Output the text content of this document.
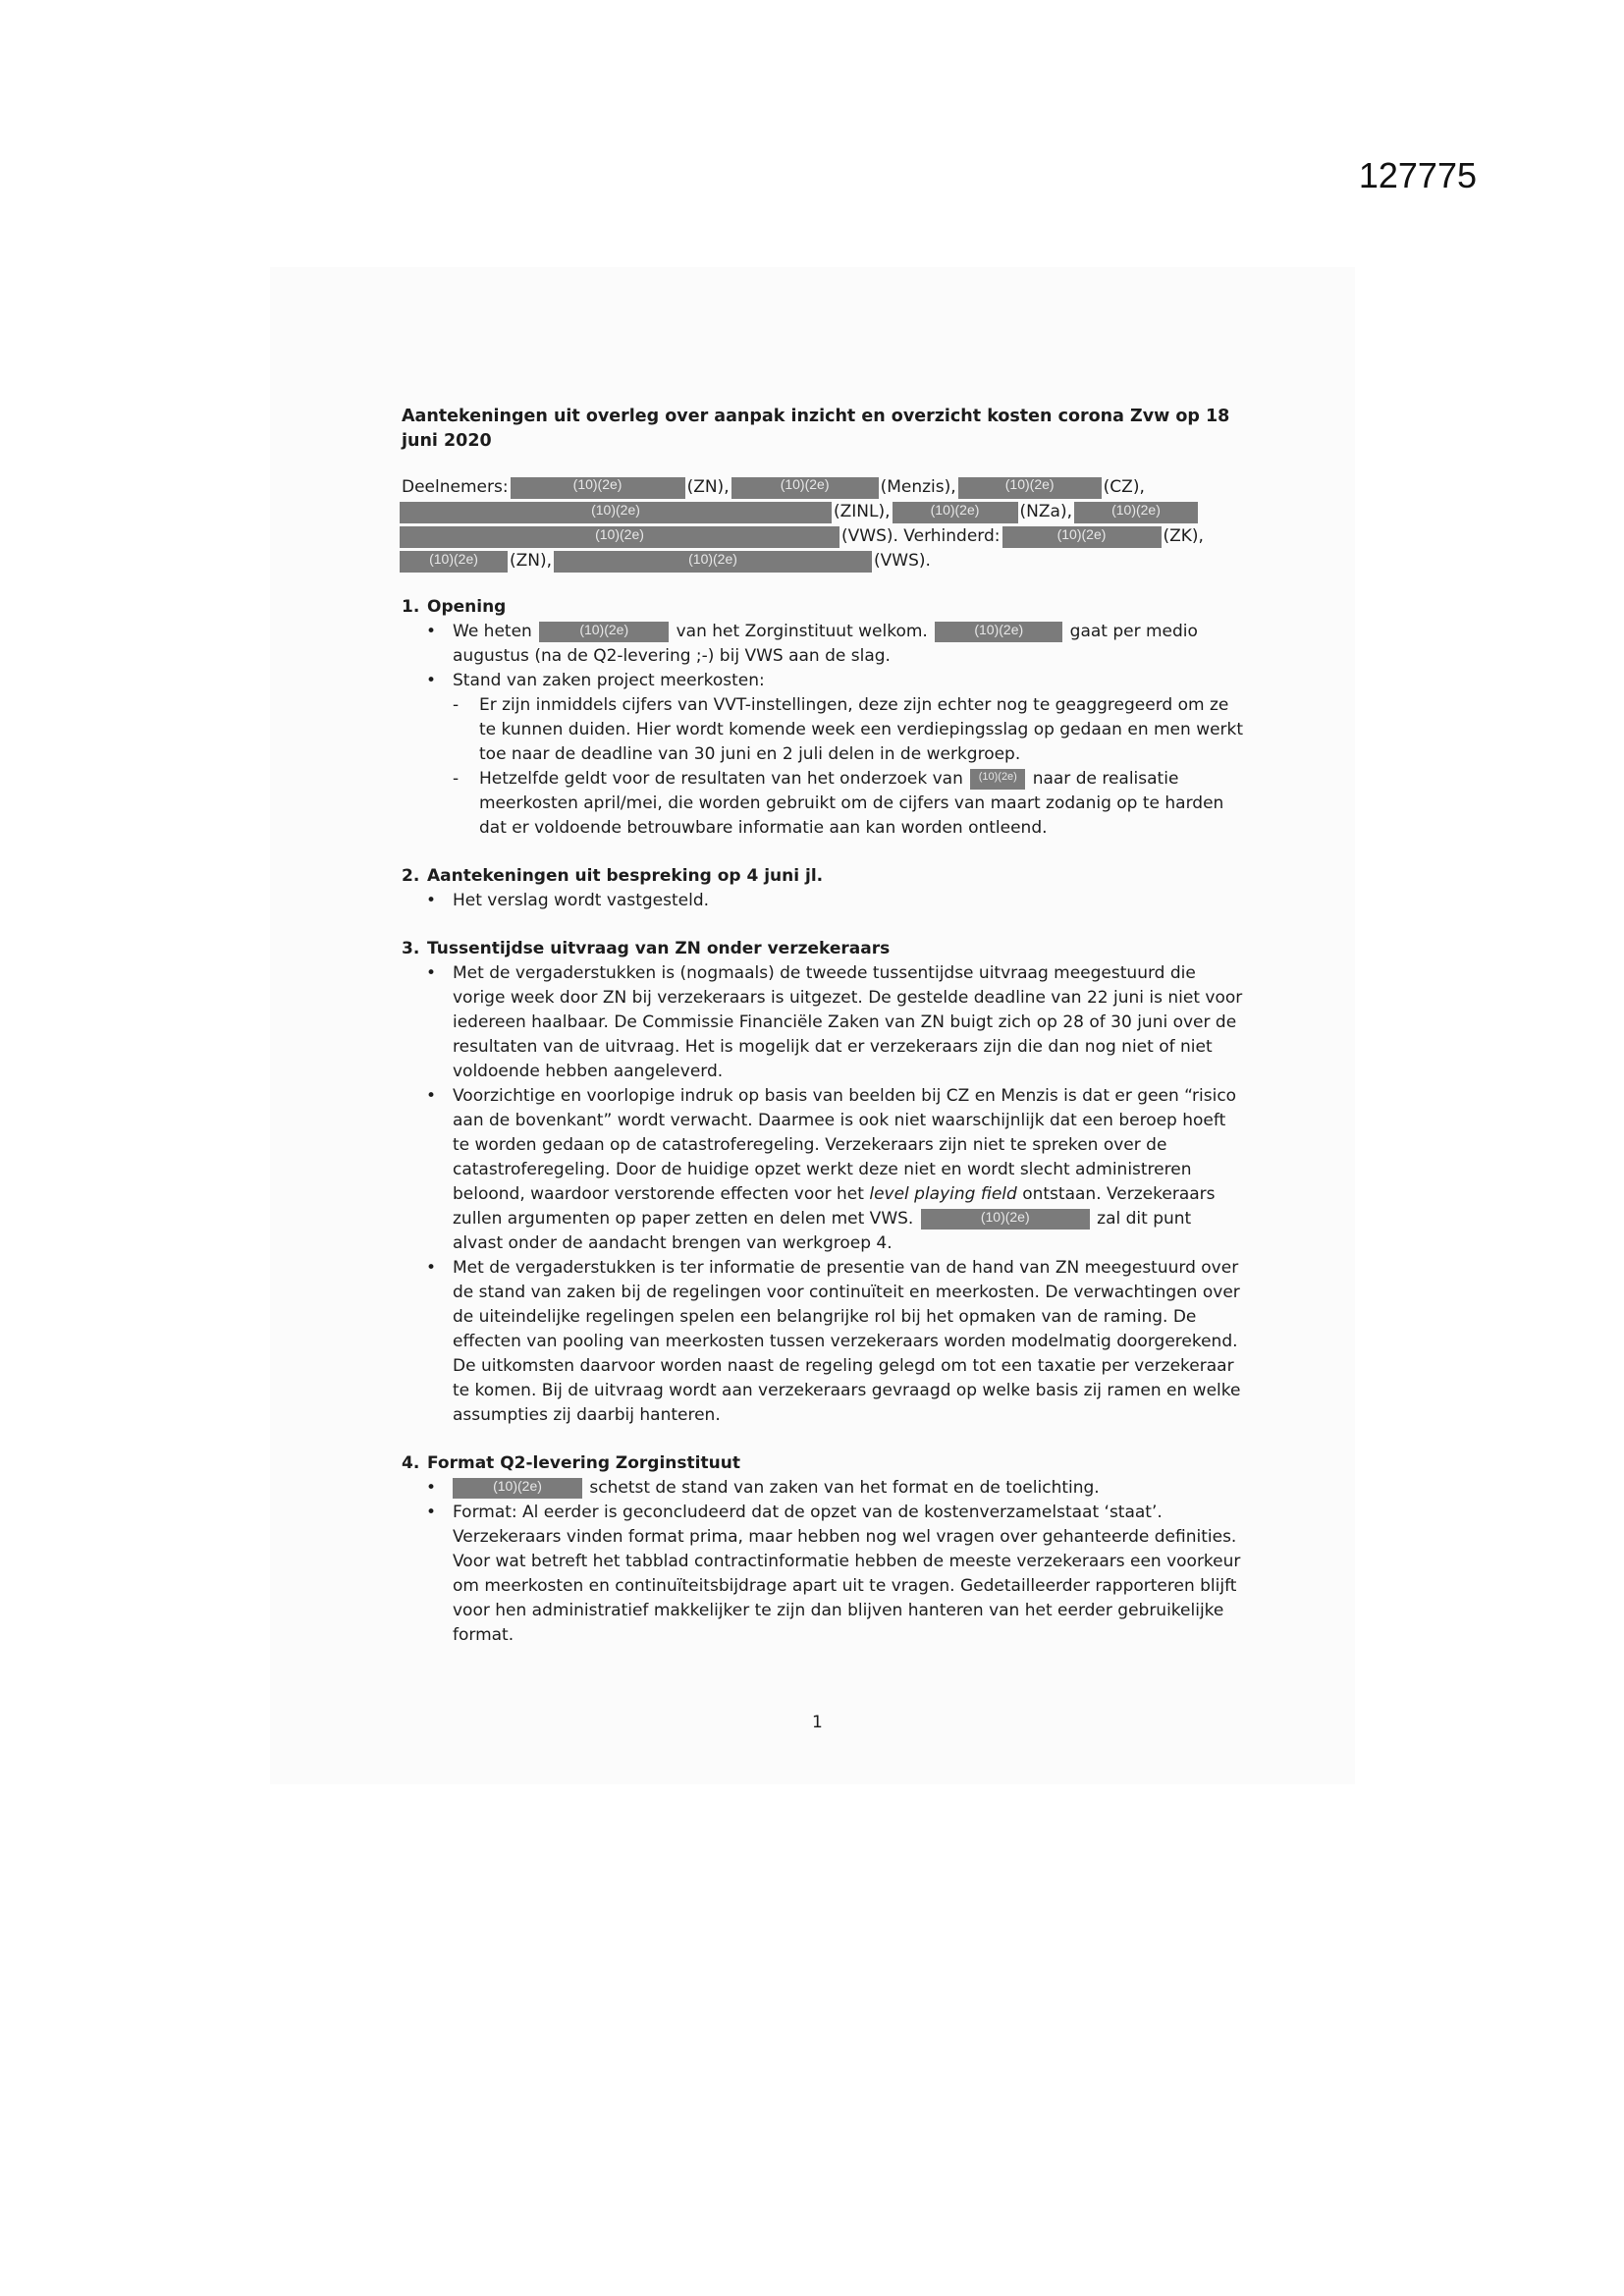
127775
Aantekeningen uit overleg over aanpak inzicht en overzicht kosten corona Zvw op 18 juni 2020
Deelnemers:	(10)(2e)	(ZN),	(10)(2e)	(Menzis),	(10)(2e)	(CZ),
(10)(2e)	(ZINL),	(10)(2e)	(NZa),	(10)(2e)
(10)(2e)	(VWS). Verhinderd:	(10)(2e)	(ZK),
(10)(2e)	(ZN),	(10)(2e)	(VWS).
1. Opening
• We heten	(10)(2e)	van het Zorginstituut welkom.	(10)(2e)	gaat per medio augustus (na de Q2-levering ;-) bij VWS aan de slag.
• Stand van zaken project meerkosten:
- Er zijn inmiddels cijfers van VVT-instellingen, deze zijn echter nog te geaggregeerd om ze te kunnen duiden. Hier wordt komende week een verdiepingsslag op gedaan en men werkt toe naar de deadline van 30 juni en 2 juli delen in de werkgroep.
- Hetzelfde geldt voor de resultaten van het onderzoek van (10)(2e) naar de realisatie meerkosten april/mei, die worden gebruikt om de cijfers van maart zodanig op te harden dat er voldoende betrouwbare informatie aan kan worden ontleend.
2. Aantekeningen uit bespreking op 4 juni jl.
• Het verslag wordt vastgesteld.
3. Tussentijdse uitvraag van ZN onder verzekeraars
• Met de vergaderstukken is (nogmaals) de tweede tussentijdse uitvraag meegestuurd die vorige week door ZN bij verzekeraars is uitgezet. De gestelde deadline van 22 juni is niet voor iedereen haalbaar. De Commissie Financiële Zaken van ZN buigt zich op 28 of 30 juni over de resultaten van de uitvraag. Het is mogelijk dat er verzekeraars zijn die dan nog niet of niet voldoende hebben aangeleverd.
• Voorzichtige en voorlopige indruk op basis van beelden bij CZ en Menzis is dat er geen “risico aan de bovenkant” wordt verwacht. Daarmee is ook niet waarschijnlijk dat een beroep hoeft te worden gedaan op de catastroferegeling. Verzekeraars zijn niet te spreken over de catastroferegeling. Door de huidige opzet werkt deze niet en wordt slecht administreren beloond, waardoor verstorende effecten voor het level playing field ontstaan. Verzekeraars zullen argumenten op paper zetten en delen met VWS.	(10)(2e)	zal dit punt alvast onder de aandacht brengen van werkgroep 4.
• Met de vergaderstukken is ter informatie de presentie van de hand van ZN meegestuurd over de stand van zaken bij de regelingen voor continuïteit en meerkosten. De verwachtingen over de uiteindelijke regelingen spelen een belangrijke rol bij het opmaken van de raming. De effecten van pooling van meerkosten tussen verzekeraars worden modelmatig doorgerekend. De uitkomsten daarvoor worden naast de regeling gelegd om tot een taxatie per verzekeraar te komen. Bij de uitvraag wordt aan verzekeraars gevraagd op welke basis zij ramen en welke assumpties zij daarbij hanteren.
4. Format Q2-levering Zorginstituut
•	(10)(2e)	schetst de stand van zaken van het format en de toelichting.
• Format: Al eerder is geconcludeerd dat de opzet van de kostenverzamelstaat ‘staat’. Verzekeraars vinden format prima, maar hebben nog wel vragen over gehanteerde definities. Voor wat betreft het tabblad contractinformatie hebben de meeste verzekeraars een voorkeur om meerkosten en continuïteitsbijdrage apart uit te vragen. Gedetailleerder rapporteren blijft voor hen administratief makkelijker te zijn dan blijven hanteren van het eerder gebruikelijke format.
1
